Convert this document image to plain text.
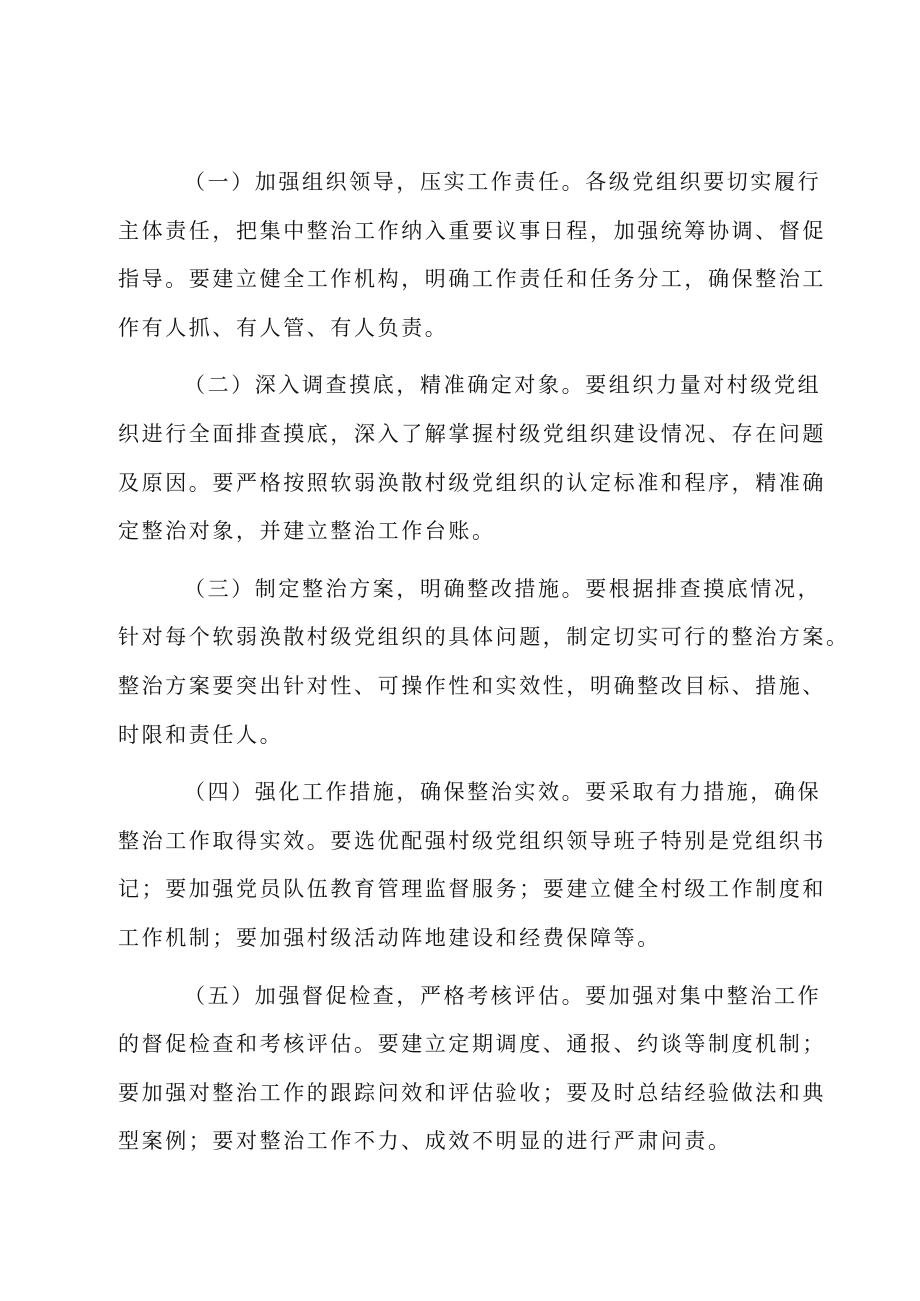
（一）加强组织领导，压实工作责任。各级党组织要切实履行
主体责任，把集中整治工作纳入重要议事日程，加强统筹协调、督促
指导。要建立健全工作机构，明确工作责任和任务分工，确保整治工
作有人抓、有人管、有人负责。

（二）深入调查摸底，精准确定对象。要组织力量对村级党组
织进行全面排查摸底，深入了解掌握村级党组织建设情况、存在问题
及原因。要严格按照软弱涣散村级党组织的认定标准和程序，精准确
定整治对象，并建立整治工作台账。

（三）制定整治方案，明确整改措施。要根据排查摸底情况，
针对每个软弱涣散村级党组织的具体问题，制定切实可行的整治方案。
整治方案要突出针对性、可操作性和实效性，明确整改目标、措施、
时限和责任人。

（四）强化工作措施，确保整治实效。要采取有力措施，确保
整治工作取得实效。要选优配强村级党组织领导班子特别是党组织书
记；要加强党员队伍教育管理监督服务；要建立健全村级工作制度和
工作机制；要加强村级活动阵地建设和经费保障等。

（五）加强督促检查，严格考核评估。要加强对集中整治工作
的督促检查和考核评估。要建立定期调度、通报、约谈等制度机制；
要加强对整治工作的跟踪问效和评估验收；要及时总结经验做法和典
型案例；要对整治工作不力、成效不明显的进行严肃问责。
